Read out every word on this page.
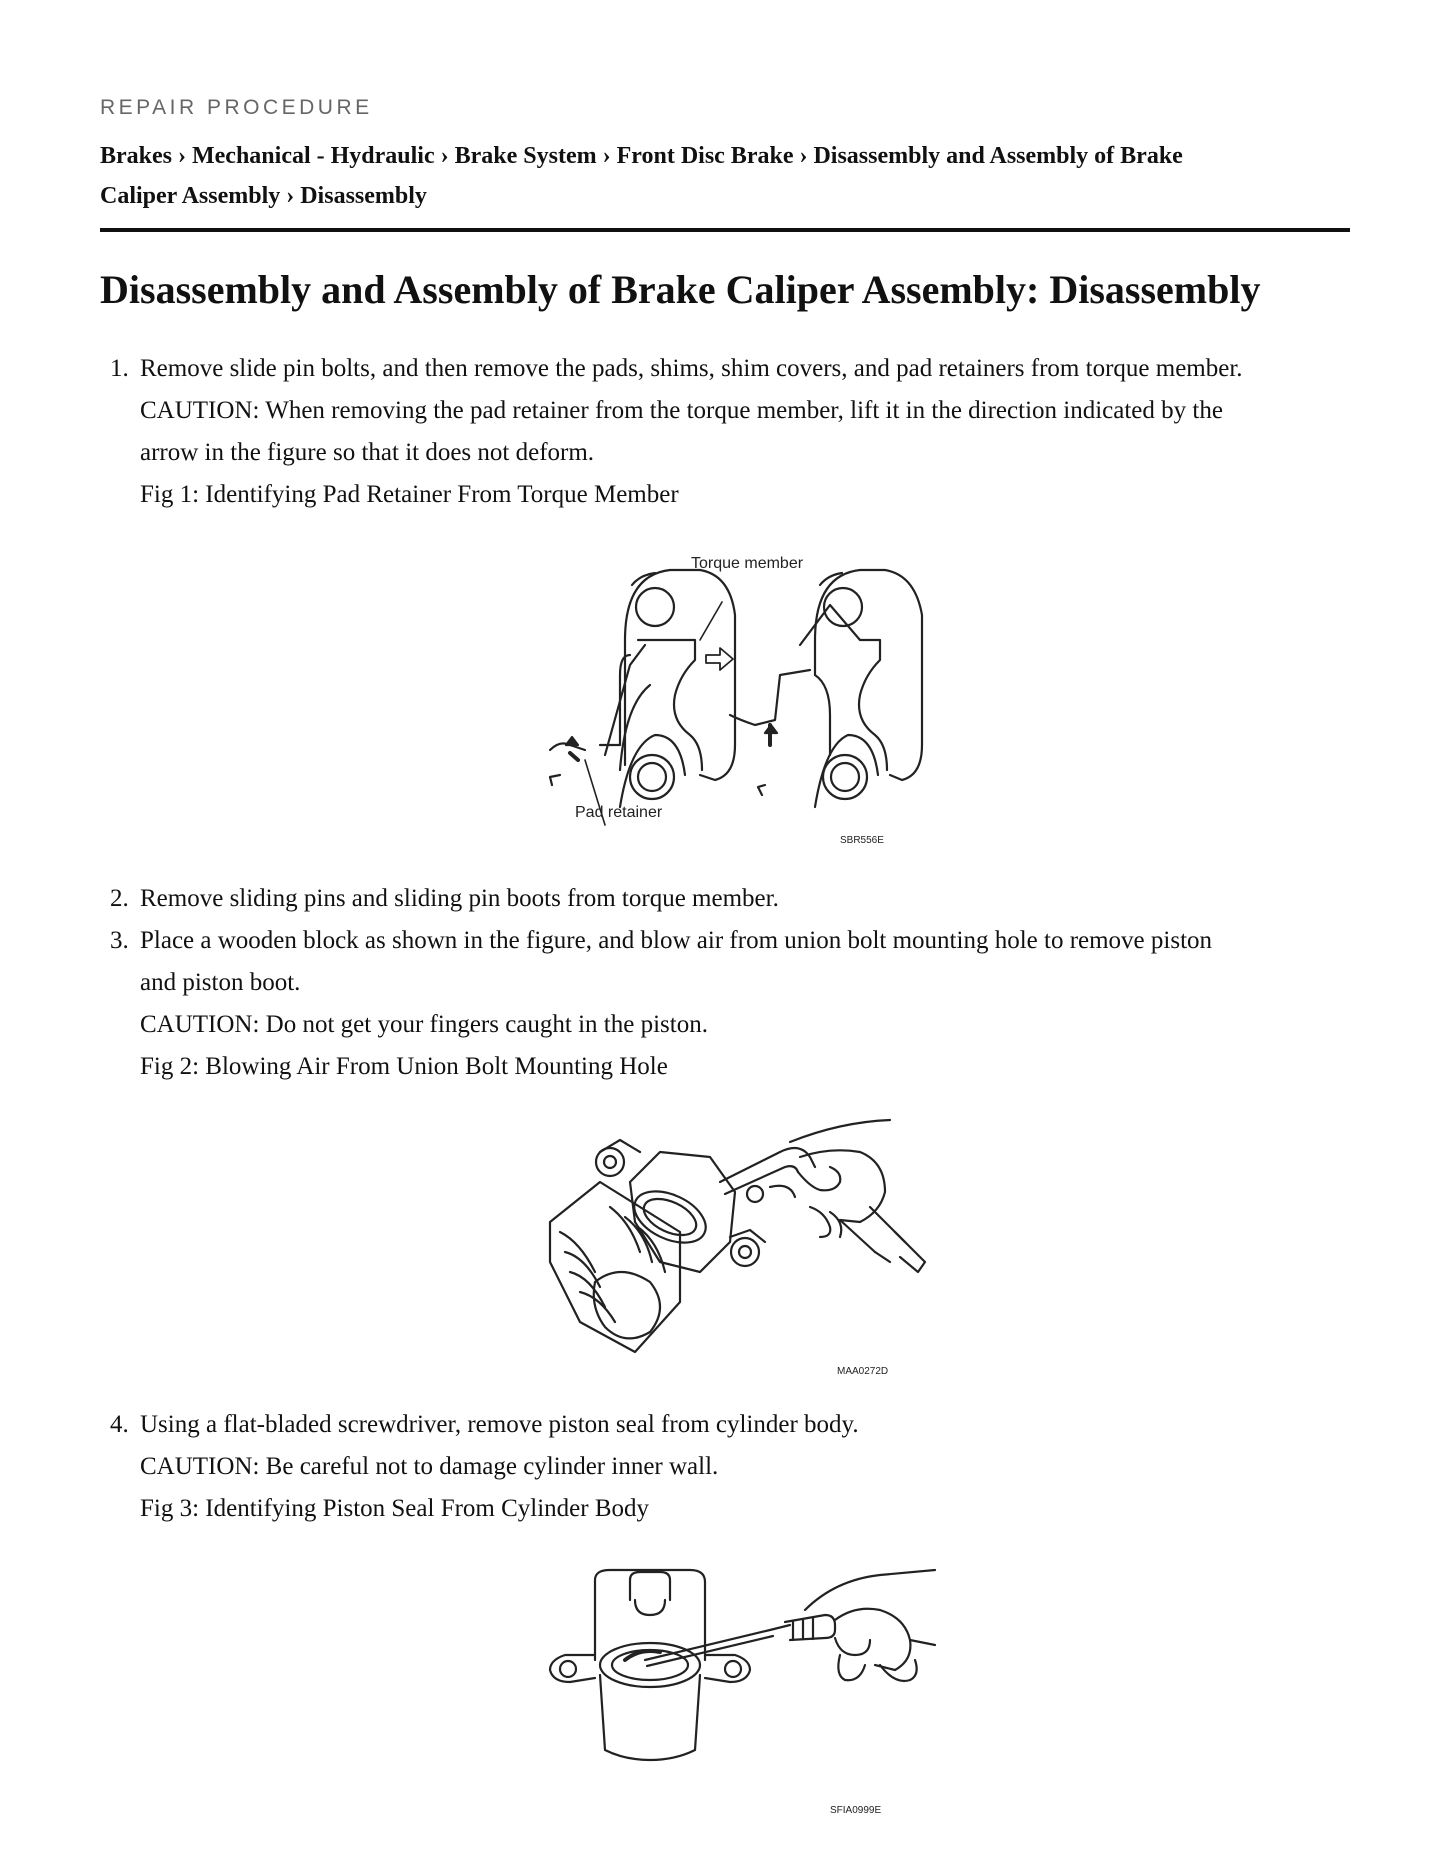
REPAIR PROCEDURE
Brakes › Mechanical - Hydraulic › Brake System › Front Disc Brake › Disassembly and Assembly of Brake
Caliper Assembly › Disassembly
Disassembly and Assembly of Brake Caliper Assembly: Disassembly
1. Remove slide pin bolts, and then remove the pads, shims, shim covers, and pad retainers from torque member.
CAUTION: When removing the pad retainer from the torque member, lift it in the direction indicated by the
arrow in the figure so that it does not deform.
Fig 1: Identifying Pad Retainer From Torque Member
Torque member
Pad retainer
SBR556E
2. Remove sliding pins and sliding pin boots from torque member.
3. Place a wooden block as shown in the figure, and blow air from union bolt mounting hole to remove piston
and piston boot.
CAUTION: Do not get your fingers caught in the piston.
Fig 2: Blowing Air From Union Bolt Mounting Hole
MAA0272D
4. Using a flat-bladed screwdriver, remove piston seal from cylinder body.
CAUTION: Be careful not to damage cylinder inner wall.
Fig 3: Identifying Piston Seal From Cylinder Body
SFIA0999E
